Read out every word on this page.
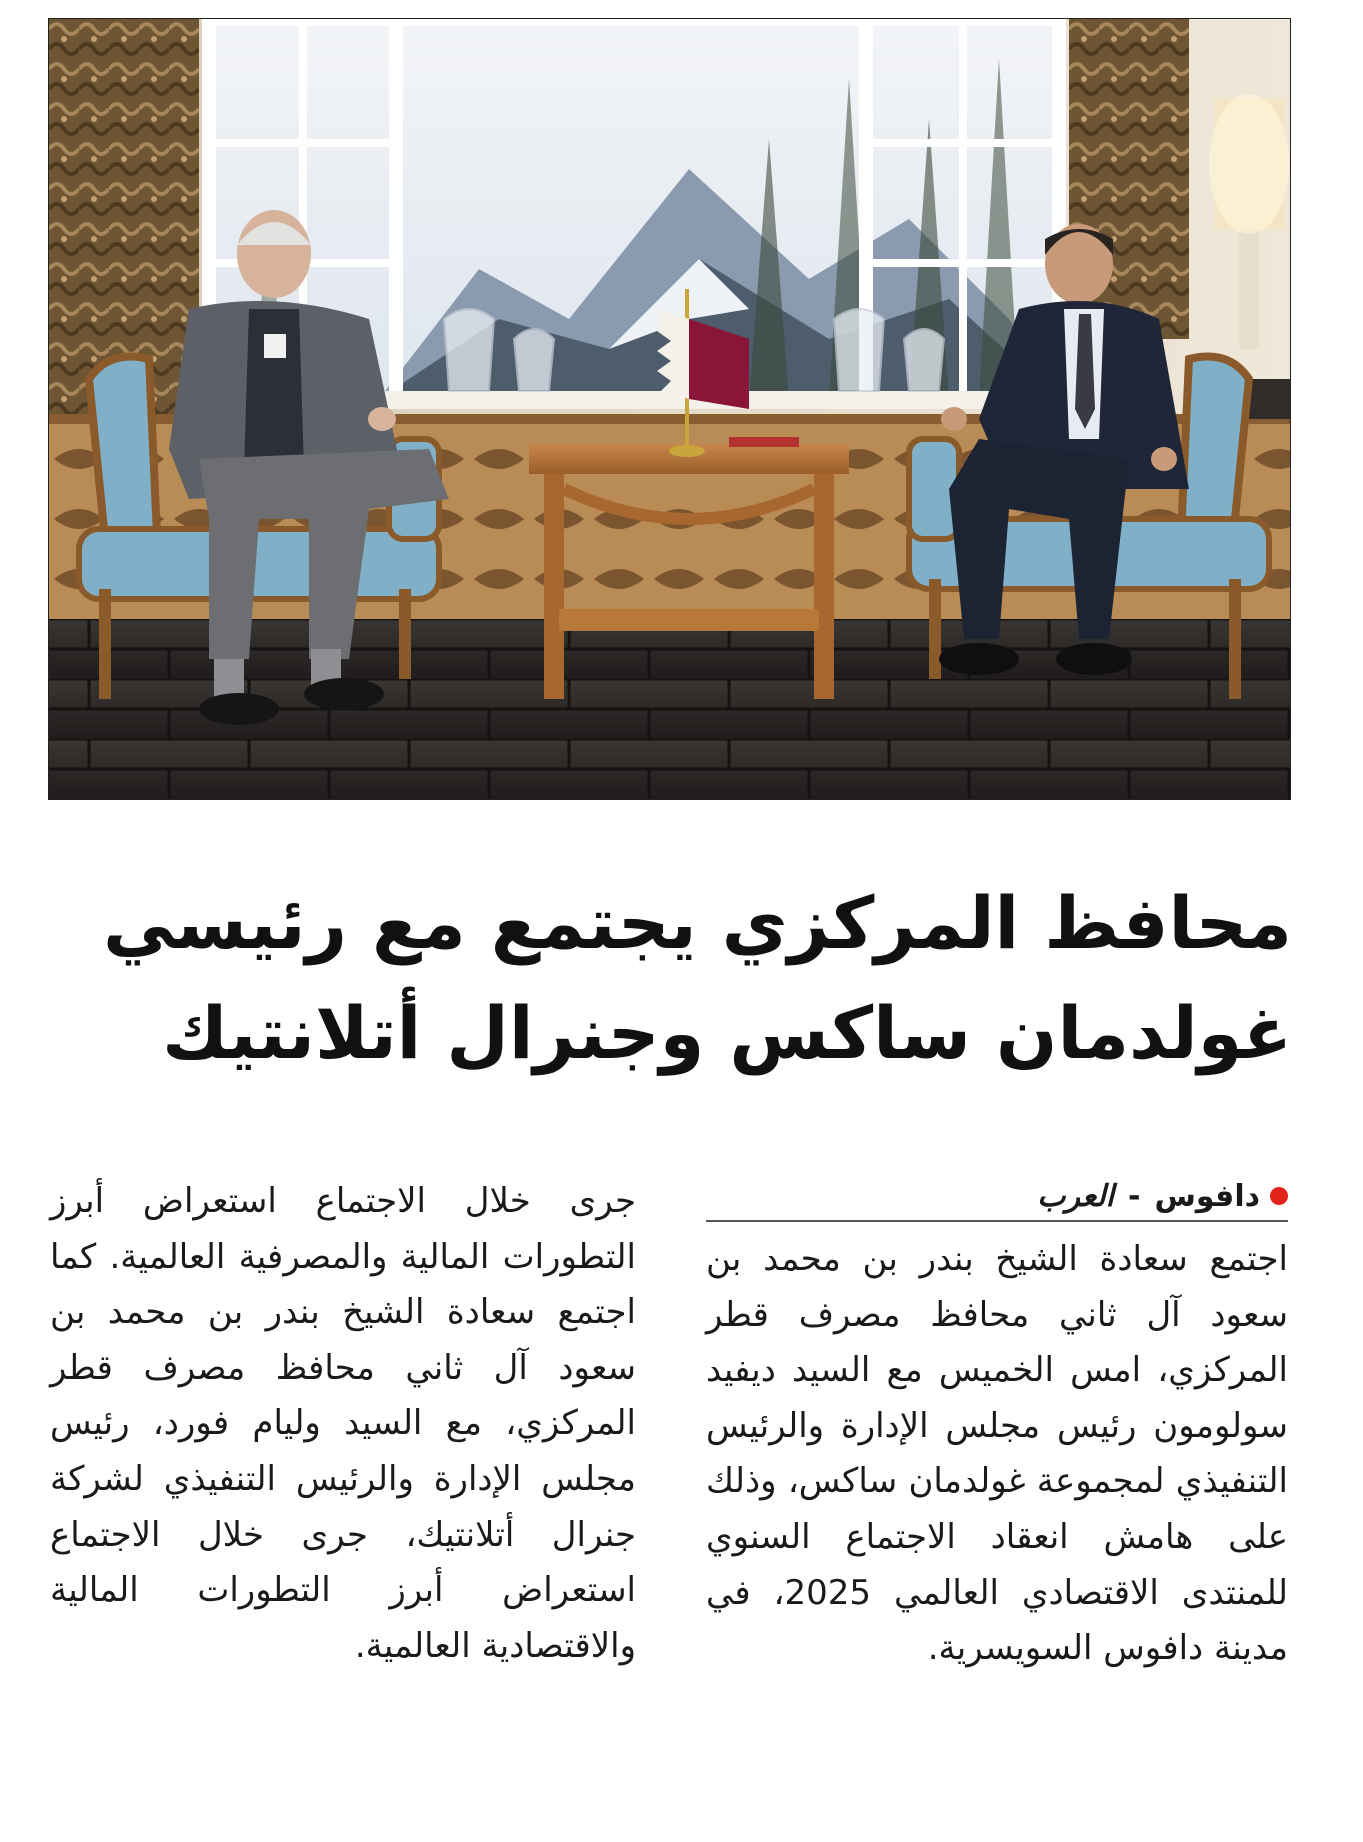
محافظ المركزي يجتمع مع رئيسي
غولدمان ساكس وجنرال أتلانتيك
دافوس
-
العرب

اجتمع سعادة الشيخ بندر بن محمد بن سعود آل ثاني محافظ مصرف قطر المركزي، امس الخميس مع السيد ديفيد سولومون رئيس مجلس الإدارة والرئيس التنفيذي لمجموعة غولدمان ساكس، وذلك على هامش انعقاد الاجتماع السنوي للمنتدى الاقتصادي العالمي 2025، في مدينة دافوس السويسرية.

جرى خلال الاجتماع استعراض أبرز التطورات المالية والمصرفية العالمية. كما اجتمع سعادة الشيخ بندر بن محمد بن سعود آل ثاني محافظ مصرف قطر المركزي، مع السيد وليام فورد، رئيس مجلس الإدارة والرئيس التنفيذي لشركة جنرال أتلانتيك، جرى خلال الاجتماع استعراض أبرز التطورات المالية والاقتصادية العالمية.
